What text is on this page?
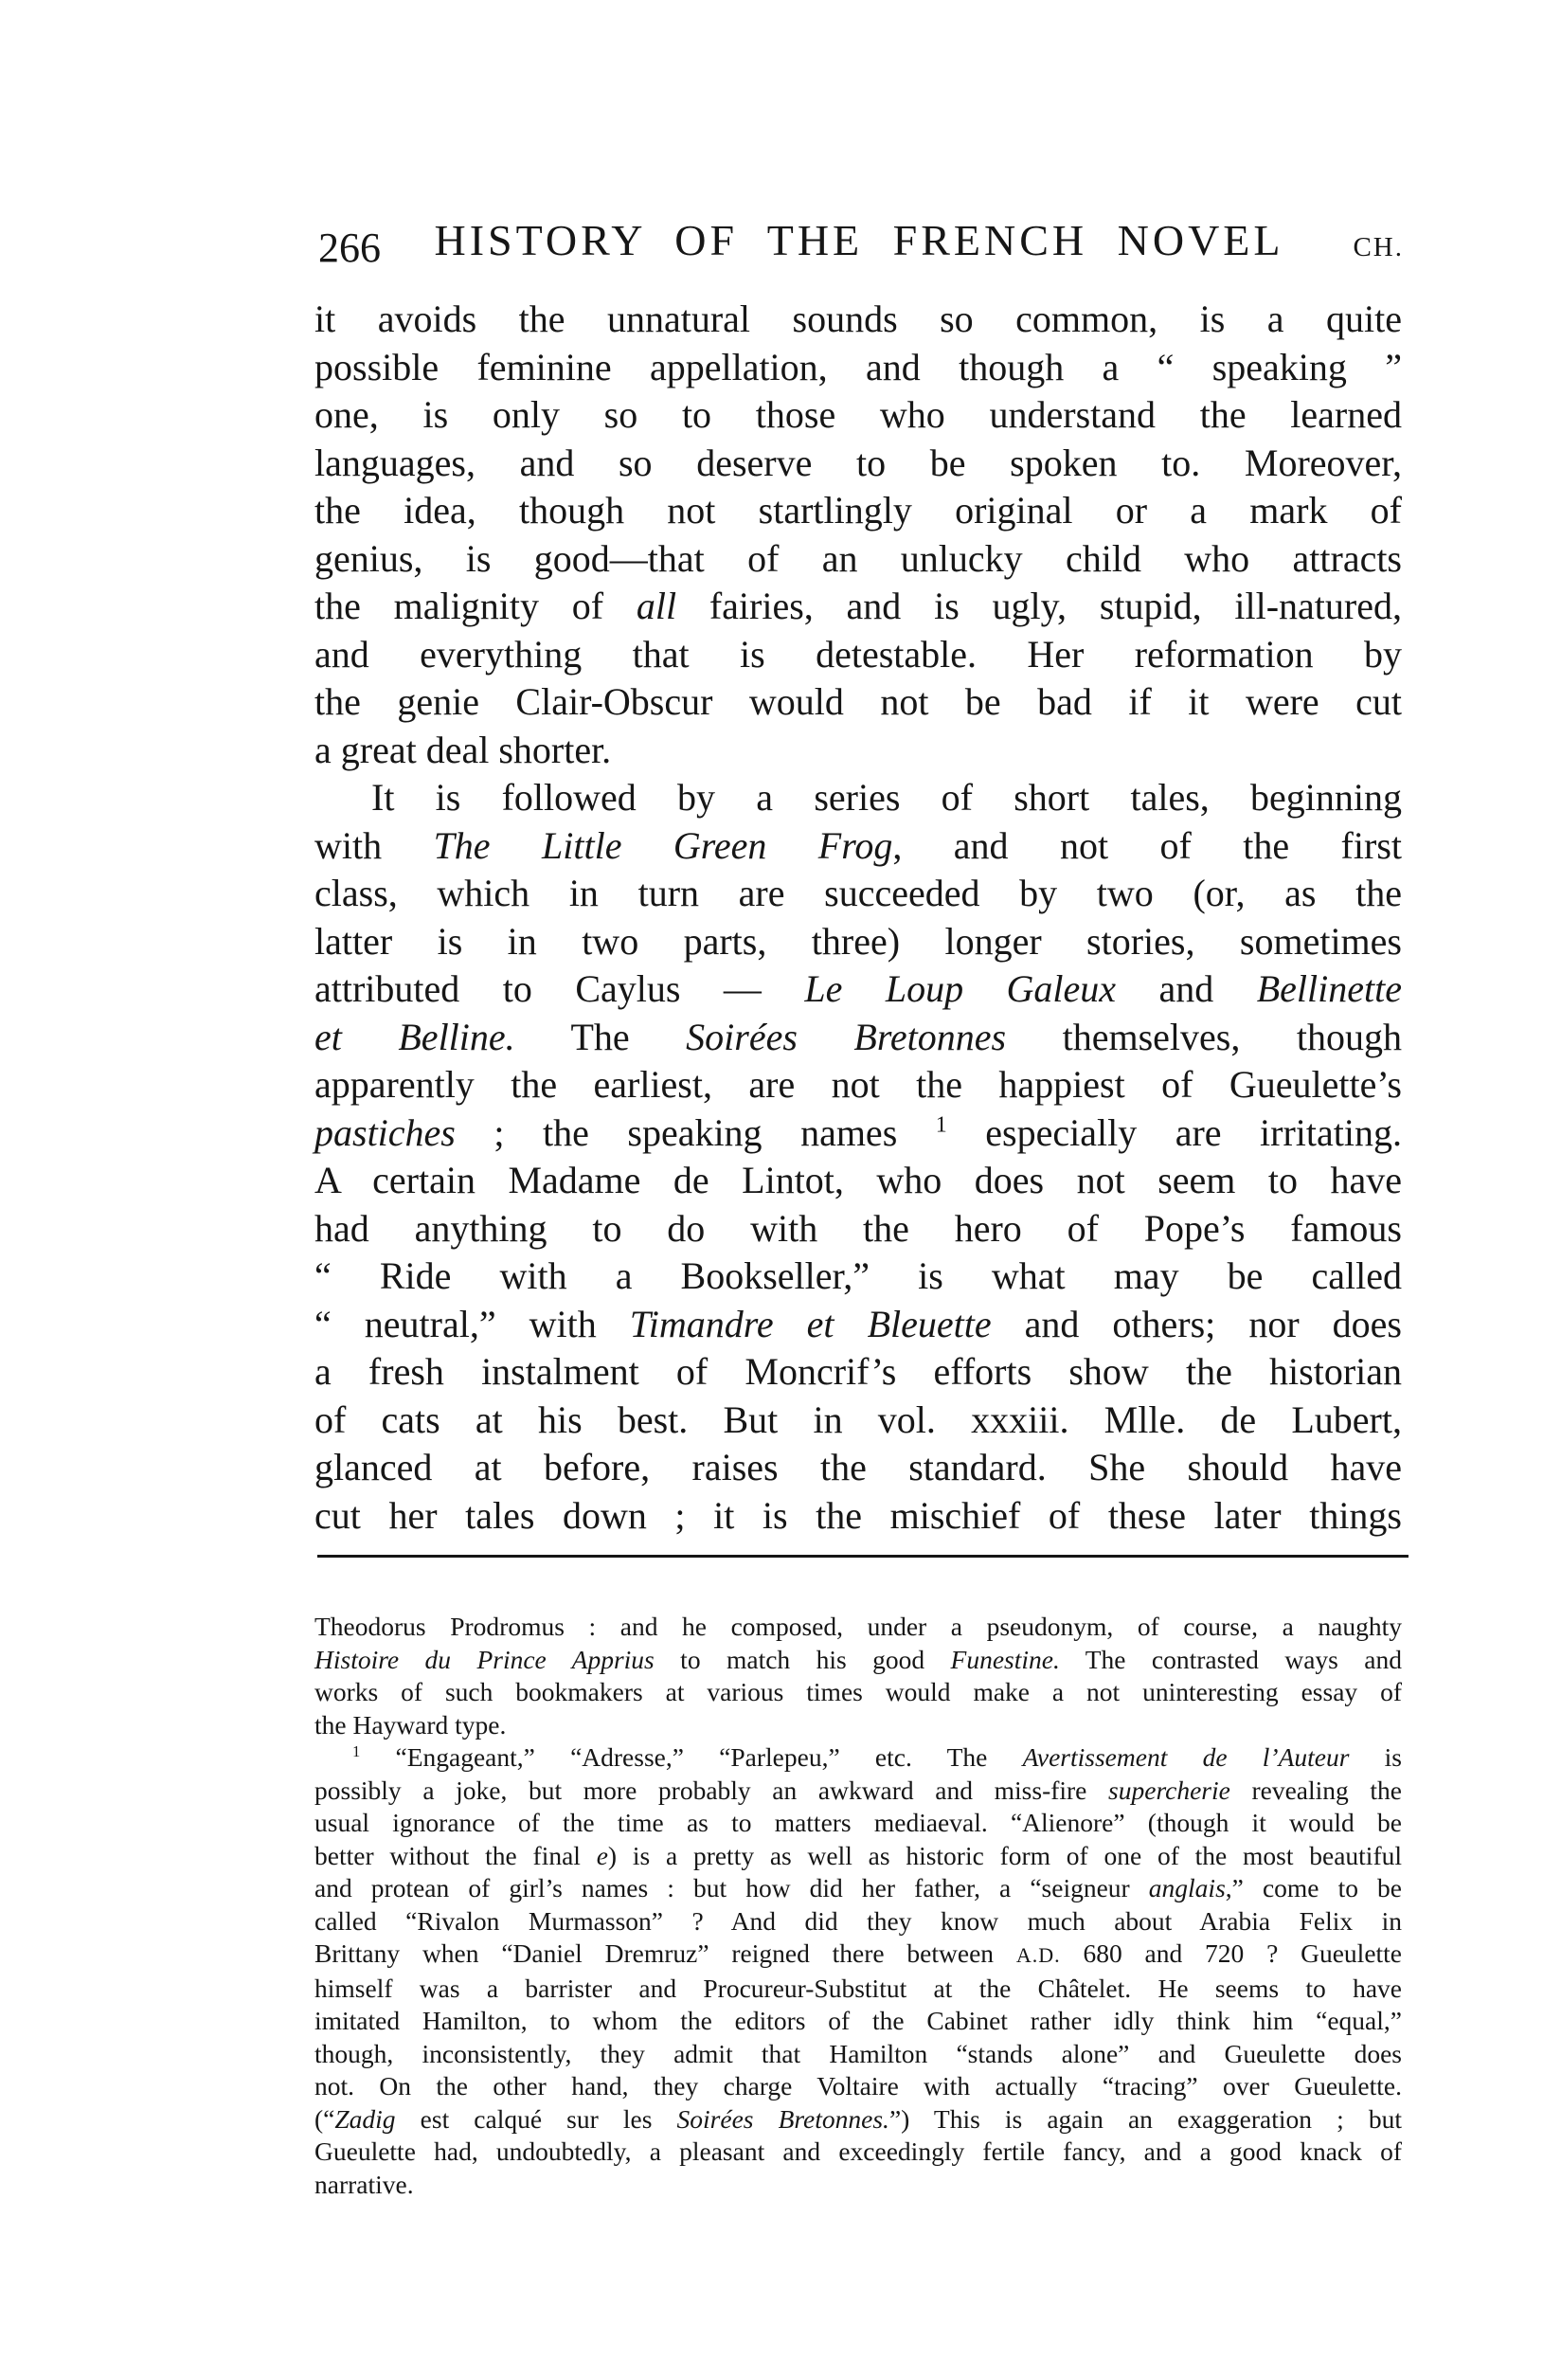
266	HISTORY OF THE FRENCH NOVEL	CH.
it avoids the unnatural sounds so common, is a quite
possible feminine appellation, and though a “ speaking ”
one, is only so to those who understand the learned
languages, and so deserve to be spoken to. Moreover,
the idea, though not startlingly original or a mark of
genius, is good—that of an unlucky child who attracts
the malignity of all fairies, and is ugly, stupid, ill-natured,
and everything that is detestable. Her reformation by
the genie Clair-Obscur would not be bad if it were cut
a great deal shorter.
It is followed by a series of short tales, beginning
with The Little Green Frog, and not of the first
class, which in turn are succeeded by two (or, as the
latter is in two parts, three) longer stories, sometimes
attributed to Caylus — Le Loup Galeux and Bellinette
et Belline. The Soirées Bretonnes themselves, though
apparently the earliest, are not the happiest of Gueulette’s
pastiches ; the speaking names $^1$ especially are irritating.
A certain Madame de Lintot, who does not seem to have
had anything to do with the hero of Pope’s famous
“ Ride with a Bookseller,” is what may be called
“ neutral,” with Timandre et Bleuette and others; nor does
a fresh instalment of Moncrif’s efforts show the historian
of cats at his best. But in vol. xxxiii. Mlle. de Lubert,
glanced at before, raises the standard. She should have
cut her tales down ; it is the mischief of these later things
Theodorus Prodromus : and he composed, under a pseudonym, of course, a naughty
Histoire du Prince Apprius to match his good Funestine. The contrasted ways and
works of such bookmakers at various times would make a not uninteresting essay of
the Hayward type.
$^1$ “Engageant,” “Adresse,” “Parlepeu,” etc. The Avertissement de l’Auteur is
possibly a joke, but more probably an awkward and miss-fire supercherie revealing the
usual ignorance of the time as to matters mediaeval. “Alienore” (though it would be
better without the final e) is a pretty as well as historic form of one of the most beautiful
and protean of girl’s names : but how did her father, a “seigneur anglais,” come to be
called “Rivalon Murmasson” ? And did they know much about Arabia Felix in
Brittany when “Daniel Dremruz” reigned there between A.D. 680 and 720 ? Gueulette
himself was a barrister and Procureur-Substitut at the Châtelet. He seems to have
imitated Hamilton, to whom the editors of the Cabinet rather idly think him “equal,”
though, inconsistently, they admit that Hamilton “stands alone” and Gueulette does
not. On the other hand, they charge Voltaire with actually “tracing” over Gueulette.
(“Zadig est calqué sur les Soirées Bretonnes.”) This is again an exaggeration ; but
Gueulette had, undoubtedly, a pleasant and exceedingly fertile fancy, and a good knack of
narrative.
